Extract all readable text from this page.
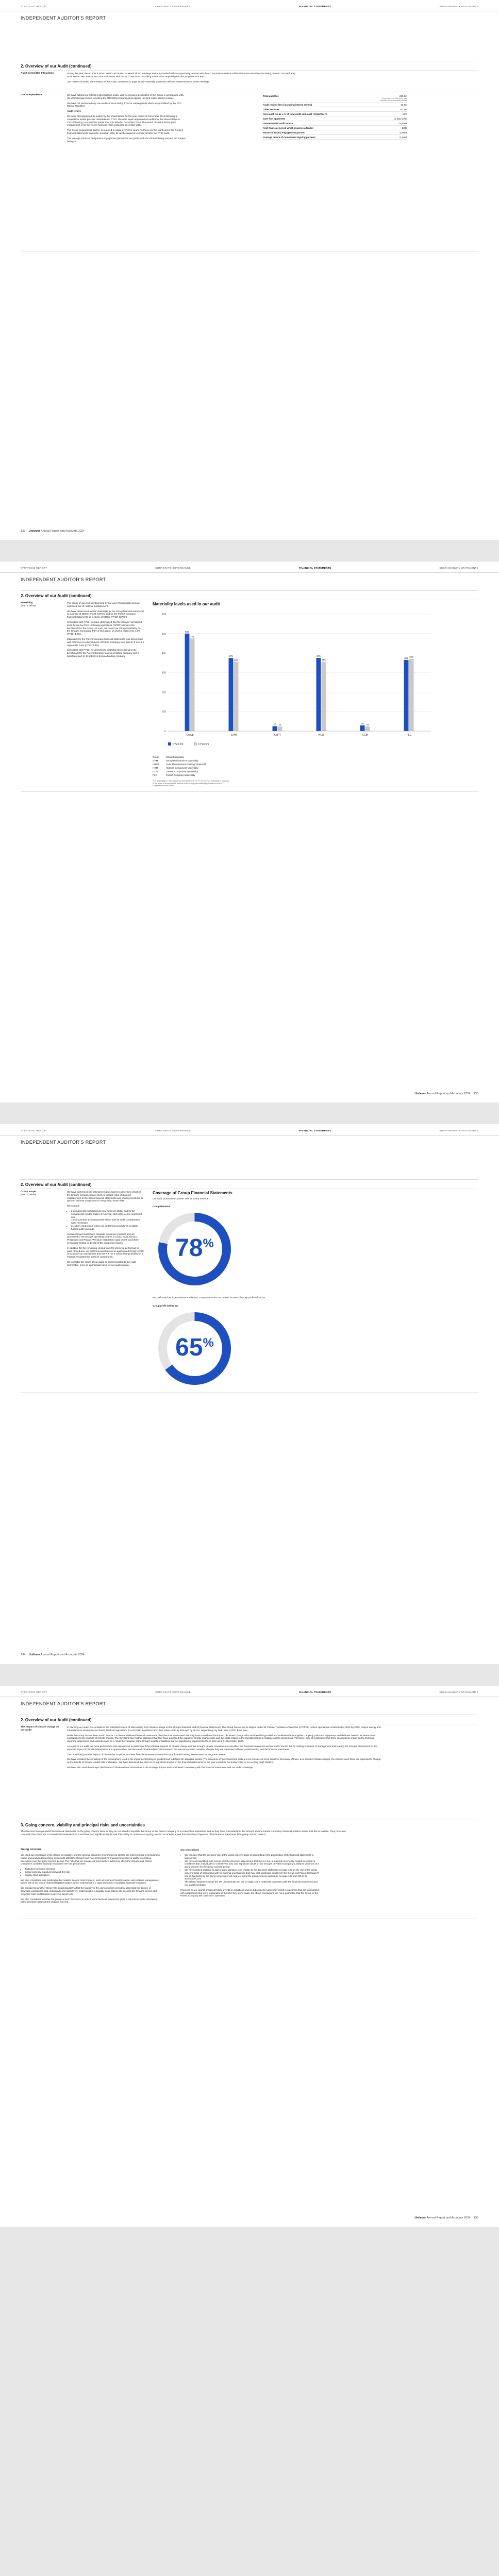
STRATEGIC REPORT	CORPORATE GOVERNANCE	FINANCIAL STATEMENTS	SUSTAINABILITY STATEMENTS
INDEPENDENT AUDITOR'S REPORT
2. Overview of our Audit (continued)
Audit Committee Interaction	During the year, the AC met 9 times. KPMG are invited to attend all AC meetings and are provided with an opportunity to meet with the AC in private sessions without the Executive Directors being present. For each Key Audit Matter, we have set out communications with the AC in section 4, including matters that required particular judgement for each.

The matters included in the Report of the Audit Committee on page 86 are materially consistent with our observations of those meetings.

Our independence	We have fulfilled our ethical responsibilities under, and we remain independent of the Group in accordance with, UK ethical requirements including the FRC Ethical Standard as applied to listed public interest entities.

We have not performed any non-audit services during FY24 or subsequently which are prohibited by the FRC Ethical Standard.

Audit tenure

We were first appointed as auditor by the shareholders for the year ended 31 December 2014 following a competitive tender process undertaken in FY13. We were again appointed as auditor by the shareholders in FY22 following a competitive tender that concluded in December 2020. The period of total uninterrupted engagement is for the eleven financial years ended 31 December 2024.

The Group engagement partner is required to rotate every five years. As these are the fourth set of the Group's financial statements signed by Jonathan Mills, he will be required to rotate off after the FY25 audit.

The average tenure of component engagement partners is two years, with the shortest being one and the longest being six.

Total audit fee	€39.8m
There were no prior year fees included within the tables below
Audit related fees (including interim review)	€3.6m
Other services	€1.6m
Non-audit fee as a % of total audit and audit related fee %	13%
Date first appointed	14 May 2014
Uninterrupted audit tenure	11 years
Next financial period which requires a tender	2034
Tenure of Group engagement partner	4 years
Average tenure of component signing partners	2 years
132 Unilever Annual Report and Accounts 2024
STRATEGIC REPORT	CORPORATE GOVERNANCE	FINANCIAL STATEMENTS	SUSTAINABILITY STATEMENTS
INDEPENDENT AUDITOR'S REPORT
2. Overview of our Audit (continued)
Materiality
(item 6 below)

The scope of our work is influenced by our view of materiality and our assessed risk of material misstatement.

We have determined overall materiality for the Group financial statements as a whole at €500m (FY23: €475m) and for the Parent Company financial statements as a whole at €365m (FY23: €370m).

Consistent with FY23, we have determined that the Group's normalised profit before tax from continuing operations ('NPBT') remains the benchmark for the Group. As such, we based our Group materiality on the Group's normalised PBT of €10,182m, of which it represents 4.9% (FY23: 4.8%).

Materiality for the Parent Company financial statements was determined with reference to a benchmark of Parent Company total assets of which it represents 0.4% (FY23: 0.4%).

Consistent with FY23, we determined that total assets remains the benchmark for the Parent Company as it is a holding company and a significant part of its activity is being a holding company.

Materiality levels used in our audit
0
100
200
300
400
500
600
500
475
Group
375
356
GPM
25 24
AMPT
375
355
HCM
29 24
LCM
365 370
PLC
FY24 €m	FY23 €m
Group	Group Materiality
GPM	Group Performance Materiality
AMPT	Audit Misstatement Posting Threshold
HCM	Highest Component Materiality
LCM	Lowest Component Materiality
PLC	Parent Company Materiality
PLC materiality in FY23 was determined at €370m. For FY24, the PLC materiality is reflective of the lower of its benchmark and that of the Group; the materiality allocated to the PLC component audit is €365m.
Unilever Annual Report and Accounts 2024 133
STRATEGIC REPORT	CORPORATE GOVERNANCE	FINANCIAL STATEMENTS	SUSTAINABILITY STATEMENTS
INDEPENDENT AUDITOR'S REPORT
2. Overview of our Audit (continued)
Group scope
(item 7 below)

We have performed risk assessment procedures to determine which of the Group's components are likely to include risks of material misstatement to the Group financial statements and which procedures to perform at these components to respond to those risks.

We scoped:

• 2 components introduced as new (Unilever Malta) and for 52 components (United States of America) and at the centre significant risk.
• 13 components as components where special audit consideration were necessary.
• 21 other components where we performed procedures to obtain further audit coverage.

Certain Group transactions originate in various countries and are processed in the Group's operating centres in China, India, Mexico, Philippines and Poland. We have established audit teams to perform centralised testing on behalf of the component teams.

In addition, for the remaining components for which we performed no audit procedures, we performed analysis on an aggregated Group level to re-examine our assessment that there is not a reasonable possibility of a material misstatement in these components.

We consider the scope of our audit, as communicated to the Audit Committee, to be an appropriate basis for our audit opinion.

Coverage of Group Financial Statements
Our audit procedures covered 78% of Group revenue:
Group Revenue
78%
We performed audit procedures in relation to components that accounted for 65% of Group profit before tax:
Group profit before tax
65%
134 Unilever Annual Report and Accounts 2024
STRATEGIC REPORT	CORPORATE GOVERNANCE	FINANCIAL STATEMENTS	SUSTAINABILITY STATEMENTS
INDEPENDENT AUDITOR'S REPORT
2. Overview of our Audit (continued)
The impact of climate change on our Audit

In planning our audit, we considered the potential impacts of risks arising from climate change on the Group's business and its financial statements. The Group has set out its targets under its Climate Transition Action Plan (CTAP) to reduce operational emissions by 100% by 2030, reduce energy and industrial GHG emissions and forest, land and agriculture (FLAG) GHG emissions from their value chain by 42% and by 30.3%, respectively, by 2030 from a 2021 base year.

While the Group has not been static, in note 1 to the consolidated financial statements, the Directors have stated that they have considered the impact of climate change risks and identified goodwill and indefinite-life intangibles, property, plant and equipment and deferred taxation as assets most susceptible to the impacts of climate change. The Directors have further disclosed that they have assessed the impact of climate change risks and the costs related to the transitional risk to mitigate carbon-linked risks. Therefore, they do not believe that there is a material impact on the financial reporting judgements and estimates and as a result the valuation of the Group's assets or liabilities are not significantly impacted by these risks as at 31 December 2024.

As a part of our audit, we have performed a risk assessment to determine if the potential impacts of climate change and the Group's climate commitments may affect the financial statements and our audit. We did this by making enquiries of management and reading the Group's assessment of the potential impact of climate-related risks and opportunities. We also read climate-related disclosures in the Annual Report to consider whether they are consistent with our understanding and the financial statements.

The most likely potential impact of climate risk on prices on these financial statements would be in the forward looking assessments of long-term assets.

We have included the sensitivity of the assumptions used in the impairment testing of goodwill and indefinite life intangible assets. The outcomes of the impairment tests are not considered to be sensitive, but many of them, as a result of climate change, the Group's cash flows are expected to change as the results of climate-related risks materialise. We have assessed that there is no significant impact on the financial statements for the year ended 31 December 2024 or on our Key Audit Matters.

We have also read the Group's disclosure of climate related information in the Strategic Report and considered consistency with the financial statements and our audit knowledge.

3. Going concern, viability and principal risks and uncertainties
The Directors have prepared the financial statements on the going concern basis as they do not intend to liquidate the Group or the Parent Company or to cease their operations, and as they have concluded that the Group's and the Parent Company's financial position means that this is realistic. They have also concluded that there are no material uncertainties that could have cast significant doubt over their ability to continue as a going concern for at least a year from the date of approval of the financial statements ('the going concern period').
Going concern

We used our knowledge of the Group, its industry, and the general economic environment to identify the inherent risks to its business model and analysed how those risks might affect the Group's and Parent Company's financial resources or ability to continue operations over the going concern period. The risks that we considered most likely to adversely affect the Group's and Parent Company's available financial resources over this period were:

• Turbulent consumer demand
• Digital currency exposures beyond the hub
• Supply chain disruption

We also considered less predictable but realistic second order impacts, such as business transformation, and portfolio management-based risk of the loss of material litigation matters which could result in a rapid reduction of available financial resources.

We considered whether these risks could plausibly affect the liquidity in the going concern period by assessing the degree of downside assumption that, individually and collectively, could result in a liquidity issue, taking into account the Group's current and projected cash and facilities (a reverse stress test).

We also considered whether the going concern disclosure in note 1 to the financial statements gives a full and accurate description of the directors' assessment of going concern.

Our conclusions
• We consider that the directors' use of the going concern basis of accounting in the preparation of the financial statements is appropriate;
• We have not identified, and concur with the directors' assessment that there is not, a material uncertainty related to events or conditions that, individually or collectively, may cast significant doubt on the Group's or Parent Company's ability to continue as a going concern for the going concern period;
• We have nothing material to add or draw attention to in relation to the directors' statement on page 120 on the use of the going concern basis of accounting with no material uncertainties that may cast significant doubt over the Group and Parent Company's use of that basis for the going concern period, and we found the going concern disclosure on page 142 and 155 to be acceptable; and
• The related statement under the UK Listing Rules set out on page 120 is materially consistent with the financial statements and our audit knowledge.

However, as we cannot predict all future events or conditions and as subsequent events may result in outcomes that are inconsistent with judgements that were reasonable at the time they were made, the above conclusions are not a guarantee that the Group or the Parent Company will continue in operation.

Unilever Annual Report and Accounts 2024 135
